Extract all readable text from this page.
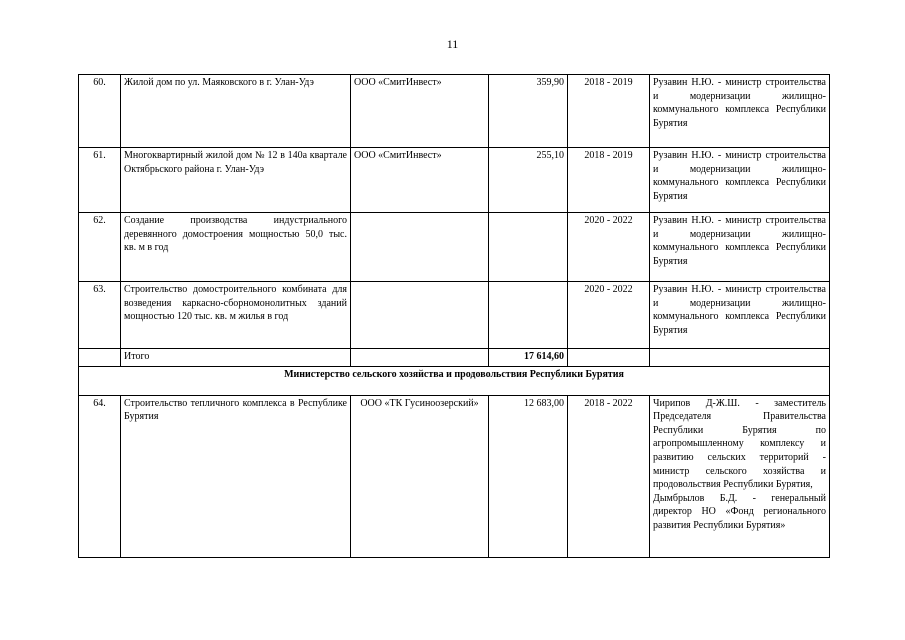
11
60.	Жилой дом по ул. Маяковского в г. Улан-Удэ	ООО «СмитИнвест»	359,90	2018 - 2019	Рузавин Н.Ю. - министр строительства и модернизации жилищно-коммунального комплекса Республики Бурятия
61.	Многоквартирный жилой дом № 12 в 140а квартале Октябрьского района г. Улан-Удэ	ООО «СмитИнвест»	255,10	2018 - 2019	Рузавин Н.Ю. - министр строительства и модернизации жилищно-коммунального комплекса Республики Бурятия
62.	Создание производства индустриального деревянного домостроения мощностью 50,0 тыс. кв. м в год			2020 - 2022	Рузавин Н.Ю. - министр строительства и модернизации жилищно-коммунального комплекса Республики Бурятия
63.	Строительство домостроительного комбината для возведения каркасно-сборномонолитных зданий мощностью 120 тыс. кв. м жилья в год			2020 - 2022	Рузавин Н.Ю. - министр строительства и модернизации жилищно-коммунального комплекса Республики Бурятия
	Итого		17 614,60		
Министерство сельского хозяйства и продовольствия Республики Бурятия					
64.	Строительство тепличного комплекса в Республике Бурятия	ООО «ТК Гусиноозерский»	12 683,00	2018 - 2022	Чирипов Д-Ж.Ш. - заместитель Председателя Правительства Республики Бурятия по агропромышленному комплексу и развитию сельских территорий - министр сельского хозяйства и продовольствия Республики Бурятия,
Дымбрылов Б.Д. - генеральный директор НО «Фонд регионального развития Республики Бурятия»
